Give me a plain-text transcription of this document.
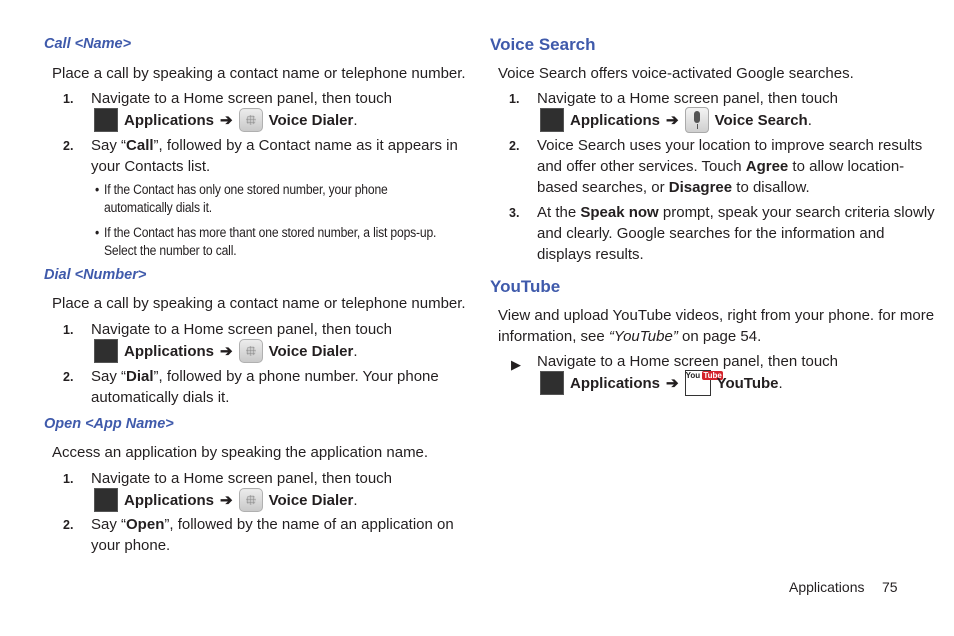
Call <Name>
Place a call by speaking a contact name or telephone number.
1. Navigate to a Home screen panel, then touch
Applications ➔ Voice Dialer .
2. Say “Call”, followed by a Contact name as it appears in
your Contacts list.
• If the Contact has only one stored number, your phone
automatically dials it.
• If the Contact has more thant one stored number, a list pops-up.
Select the number to call.
Dial <Number>
Place a call by speaking a contact name or telephone number.
1. Navigate to a Home screen panel, then touch
Applications ➔ Voice Dialer .
2. Say “Dial”, followed by a phone number. Your phone
automatically dials it.
Open <App Name>
Access an application by speaking the application name.
1. Navigate to a Home screen panel, then touch
Applications ➔ Voice Dialer .
2. Say “Open”, followed by the name of an application on
your phone.
Voice Search
Voice Search offers voice-activated Google searches.
1. Navigate to a Home screen panel, then touch
Applications ➔ Voice Search .
2. Voice Search uses your location to improve search results
and offer other services. Touch Agree to allow location-
based searches, or Disagree to disallow.
3. At the Speak now prompt, speak your search criteria slowly
and clearly. Google searches for the information and
displays results.
YouTube
View and upload YouTube videos, right from your phone. for more
information, see “YouTube” on page 54.
▶ Navigate to a Home screen panel, then touch
Applications ➔ You Tube
YouTube .
Applications 75
